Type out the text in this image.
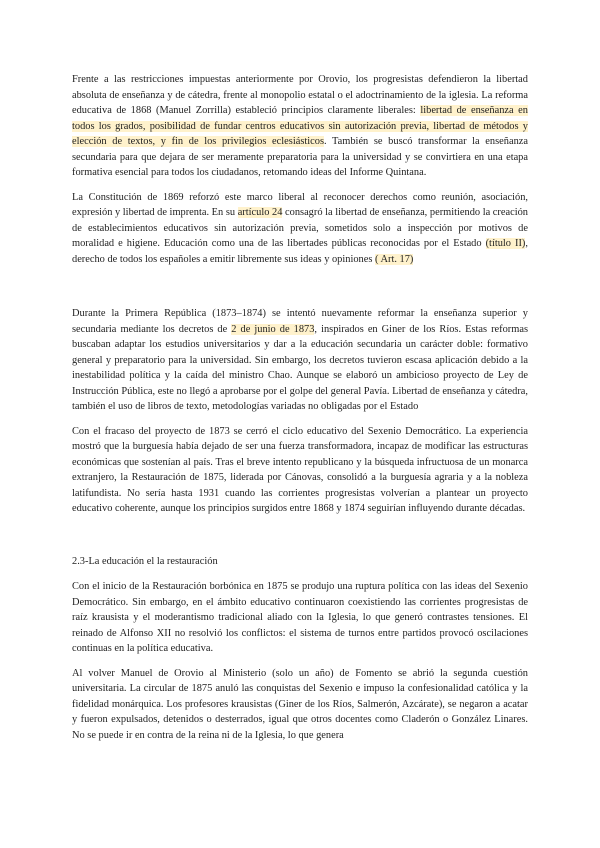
Frente a las restricciones impuestas anteriormente por Orovio, los progresistas defendieron la libertad absoluta de enseñanza y de cátedra, frente al monopolio estatal o el adoctrinamiento de la iglesia. La reforma educativa de 1868 (Manuel Zorrilla) estableció principios claramente liberales: libertad de enseñanza en todos los grados, posibilidad de fundar centros educativos sin autorización previa, libertad de métodos y elección de textos, y fin de los privilegios eclesiásticos. También se buscó transformar la enseñanza secundaria para que dejara de ser meramente preparatoria para la universidad y se convirtiera en una etapa formativa esencial para todos los ciudadanos, retomando ideas del Informe Quintana.

La Constitución de 1869 reforzó este marco liberal al reconocer derechos como reunión, asociación, expresión y libertad de imprenta. En su artículo 24 consagró la libertad de enseñanza, permitiendo la creación de establecimientos educativos sin autorización previa, sometidos solo a inspección por motivos de moralidad e higiene. Educación como una de las libertades públicas reconocidas por el Estado (título II), derecho de todos los españoles a emitir libremente sus ideas y opiniones ( Art. 17)

Durante la Primera República (1873–1874) se intentó nuevamente reformar la enseñanza superior y secundaria mediante los decretos de 2 de junio de 1873, inspirados en Giner de los Ríos. Estas reformas buscaban adaptar los estudios universitarios y dar a la educación secundaria un carácter doble: formativo general y preparatorio para la universidad. Sin embargo, los decretos tuvieron escasa aplicación debido a la inestabilidad política y la caída del ministro Chao. Aunque se elaboró un ambicioso proyecto de Ley de Instrucción Pública, este no llegó a aprobarse por el golpe del general Pavía. Libertad de enseñanza y cátedra, también el uso de libros de texto, metodologías variadas no obligadas por el Estado

Con el fracaso del proyecto de 1873 se cerró el ciclo educativo del Sexenio Democrático. La experiencia mostró que la burguesía había dejado de ser una fuerza transformadora, incapaz de modificar las estructuras económicas que sostenían al país. Tras el breve intento republicano y la búsqueda infructuosa de un monarca extranjero, la Restauración de 1875, liderada por Cánovas, consolidó a la burguesía agraria y a la nobleza latifundista. No sería hasta 1931 cuando las corrientes progresistas volverían a plantear un proyecto educativo coherente, aunque los principios surgidos entre 1868 y 1874 seguirían influyendo durante décadas.

2.3-La educación el la restauración

Con el inicio de la Restauración borbónica en 1875 se produjo una ruptura política con las ideas del Sexenio Democrático. Sin embargo, en el ámbito educativo continuaron coexistiendo las corrientes progresistas de raíz krausista y el moderantismo tradicional aliado con la Iglesia, lo que generó contrastes tensiones. El reinado de Alfonso XII no resolvió los conflictos: el sistema de turnos entre partidos provocó oscilaciones continuas en la política educativa.

Al volver Manuel de Orovio al Ministerio (solo un año) de Fomento se abrió la segunda cuestión universitaria. La circular de 1875 anuló las conquistas del Sexenio e impuso la confesionalidad católica y la fidelidad monárquica. Los profesores krausistas (Giner de los Ríos, Salmerón, Azcárate), se negaron a acatar y fueron expulsados, detenidos o desterrados, igual que otros docentes como Claderón o González Linares. No se puede ir en contra de la reina ni de la Iglesia, lo que genera
